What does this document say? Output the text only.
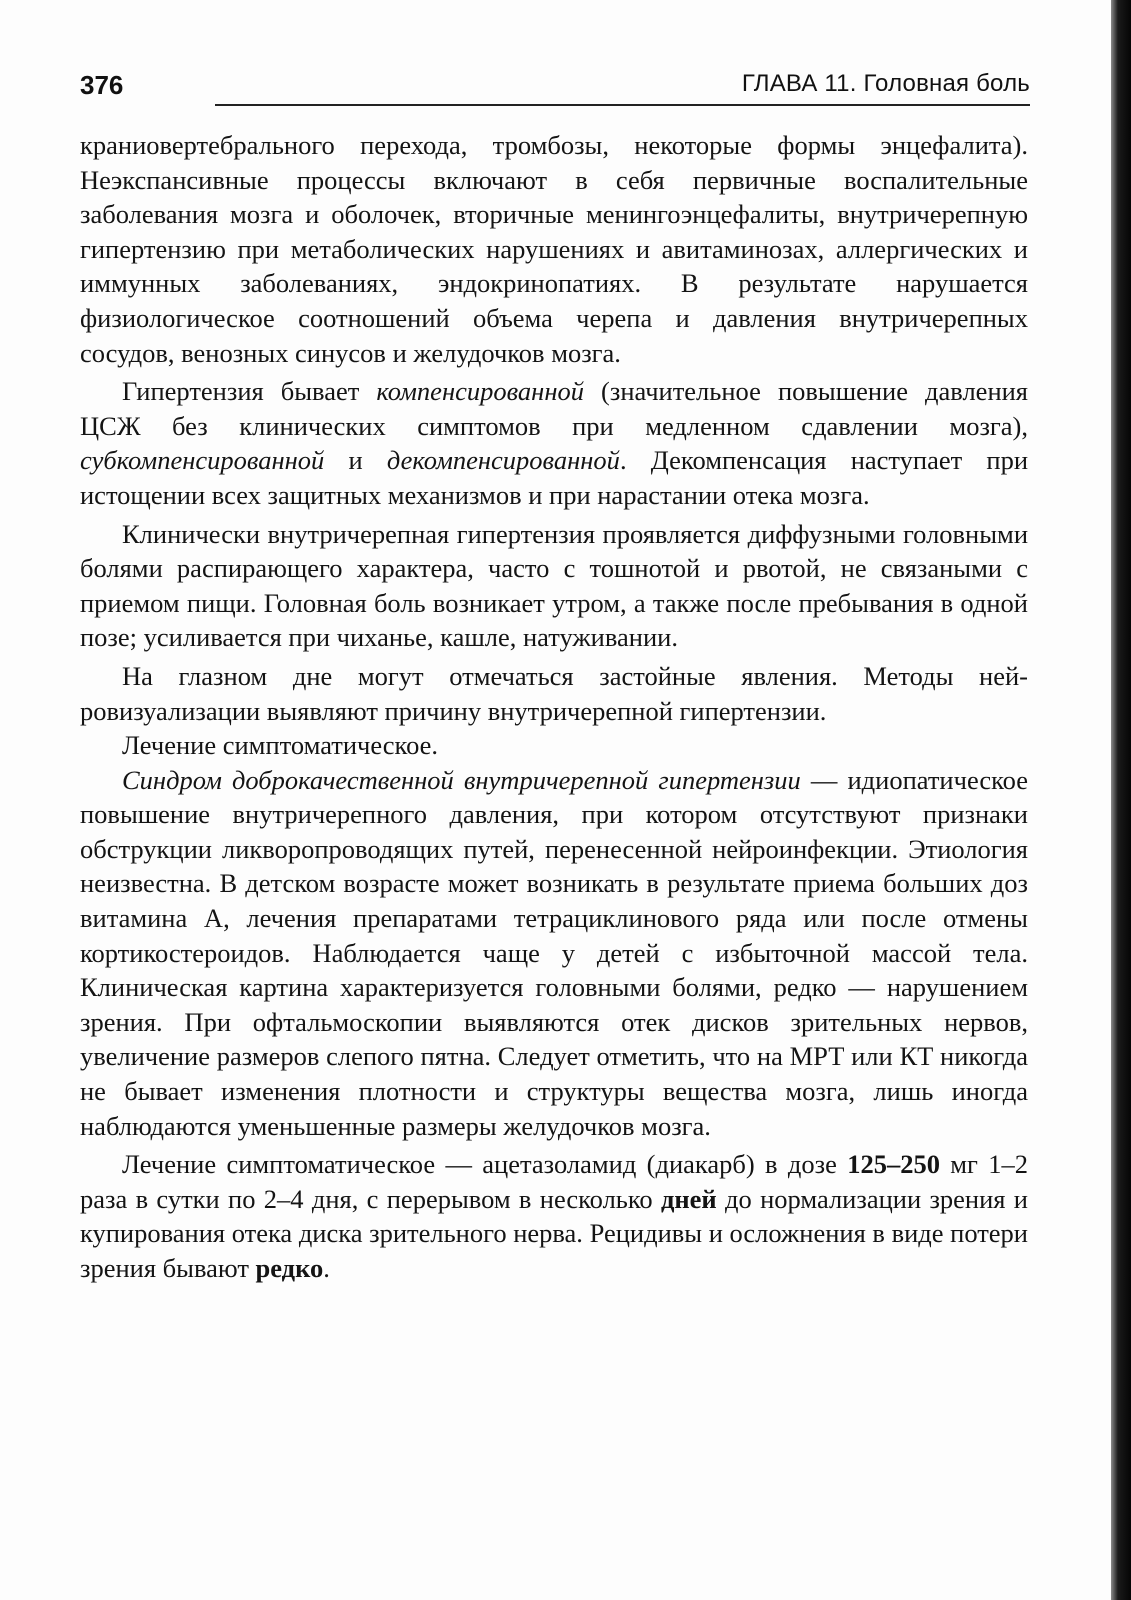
376	ГЛАВА 11. Головная боль

краниовертебрального перехода, тромбозы, некоторые формы энцефалита). Неэкспансивные процессы включают в себя первичные воспалительные заболевания мозга и оболочек, вторичные менингоэнцефалиты, внутричерепную гипертензию при метаболических нарушениях и авитаминозах, аллергических и иммунных заболеваниях, эндокринопатиях. В результате нарушается физиологическое соотношений объема черепа и давления внутричерепных сосудов, венозных синусов и желудочков мозга.

Гипертензия бывает компенсированной (значительное повышение давления ЦСЖ без клинических симптомов при медленном сдавлении мозга), субкомпенсированной и декомпенсированной. Декомпенсация наступает при истощении всех защитных механизмов и при нарастании отека мозга.

Клинически внутричерепная гипертензия проявляется диффузными головными болями распирающего характера, часто с тошнотой и рвотой, не связаными с приемом пищи. Головная боль возникает утром, а также после пребывания в одной позе; усиливается при чиханье, кашле, натуживании.

На глазном дне могут отмечаться застойные явления. Методы нейровизуализации выявляют причину внутричерепной гипертензии.

Лечение симптоматическое.

Синдром доброкачественной внутричерепной гипертензии — идиопатическое повышение внутричерепного давления, при котором отсутствуют признаки обструкции ликворопроводящих путей, перенесенной нейроинфекции. Этиология неизвестна. В детском возрасте может возникать в результате приема больших доз витамина А, лечения препаратами тетрациклинового ряда или после отмены кортикостероидов. Наблюдается чаще у детей с избыточной массой тела. Клиническая картина характеризуется головными болями, редко — нарушением зрения. При офтальмоскопии выявляются отек дисков зрительных нервов, увеличение размеров слепого пятна. Следует отметить, что на МРТ или КТ никогда не бывает изменения плотности и структуры вещества мозга, лишь иногда наблюдаются уменьшенные размеры желудочков мозга.

Лечение симптоматическое — ацетазоламид (диакарб) в дозе 125–250 мг 1–2 раза в сутки по 2–4 дня, с перерывом в несколько дней до нормализации зрения и купирования отека диска зрительного нерва. Рецидивы и осложнения в виде потери зрения бывают редко.
